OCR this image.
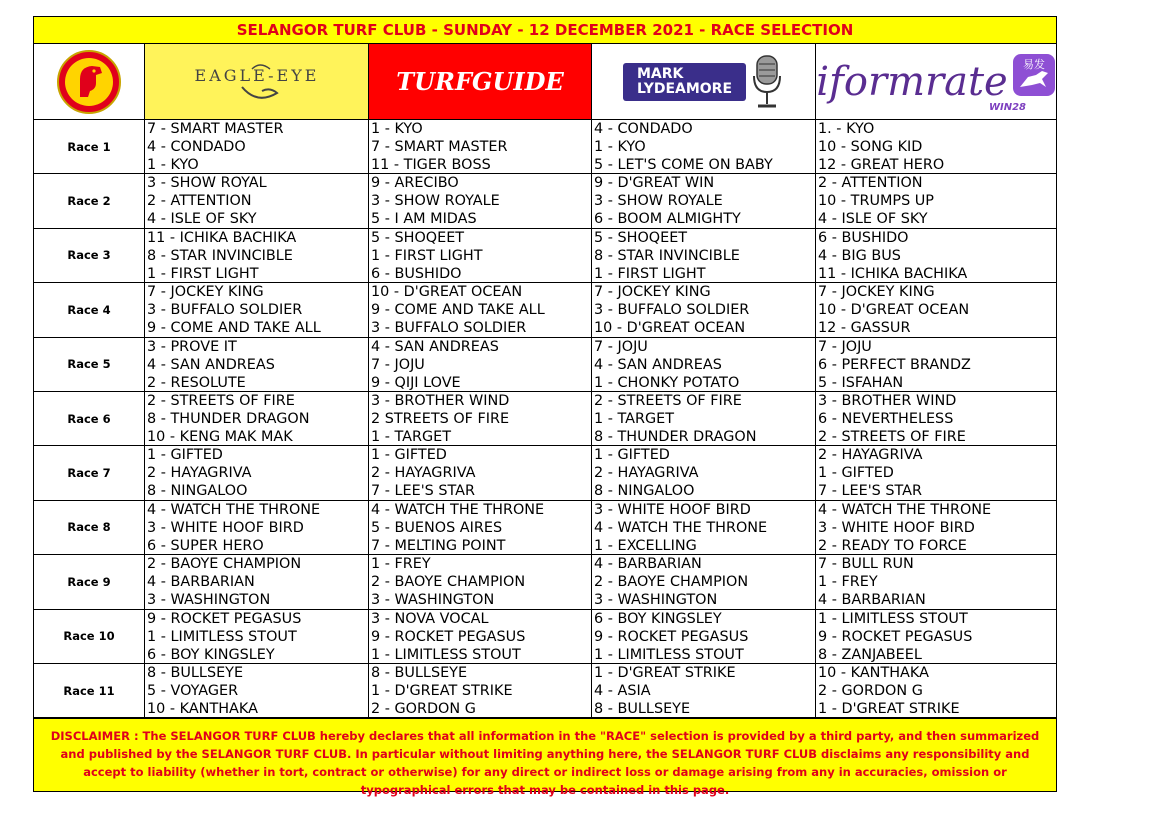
SELANGOR TURF CLUB - SUNDAY - 12 DECEMBER 2021 - RACE SELECTION
EAGLE-EYE	TURFGUIDE	MARK
LYDEAMORE iformrate 易发
WIN28
Race 1
7 - SMART MASTER
4 - CONDADO
1 - KYO
1 - KYO
7 - SMART MASTER
11 - TIGER BOSS
4 - CONDADO
1 - KYO
5 - LET'S COME ON BABY
1. - KYO
10 - SONG KID
12 - GREAT HERO
Race 2
3 - SHOW ROYAL
2 - ATTENTION
4 - ISLE OF SKY
9 - ARECIBO
3 - SHOW ROYALE
5 - I AM MIDAS
9 - D'GREAT WIN
3 - SHOW ROYALE
6 - BOOM ALMIGHTY
2 - ATTENTION
10 - TRUMPS UP
4 - ISLE OF SKY
Race 3
11 - ICHIKA BACHIKA
8 - STAR INVINCIBLE
1 - FIRST LIGHT
5 - SHOQEET
1 - FIRST LIGHT
6 - BUSHIDO
5 - SHOQEET
8 - STAR INVINCIBLE
1 - FIRST LIGHT
6 - BUSHIDO
4 - BIG BUS
11 - ICHIKA BACHIKA
Race 4
7 - JOCKEY KING
3 - BUFFALO SOLDIER
9 - COME AND TAKE ALL
10 - D'GREAT OCEAN
9 - COME AND TAKE ALL
3 - BUFFALO SOLDIER
7 - JOCKEY KING
3 - BUFFALO SOLDIER
10 - D'GREAT OCEAN
7 - JOCKEY KING
10 - D'GREAT OCEAN
12 - GASSUR
Race 5
3 - PROVE IT
4 - SAN ANDREAS
2 - RESOLUTE
4 - SAN ANDREAS
7 - JOJU
9 - QIJI LOVE
7 - JOJU
4 - SAN ANDREAS
1 - CHONKY POTATO
7 - JOJU
6 - PERFECT BRANDZ
5 - ISFAHAN
Race 6
2 - STREETS OF FIRE
8 - THUNDER DRAGON
10 - KENG MAK MAK
3 - BROTHER WIND
2 STREETS OF FIRE
1 - TARGET
2 - STREETS OF FIRE
1 - TARGET
8 - THUNDER DRAGON
3 - BROTHER WIND
6 - NEVERTHELESS
2 - STREETS OF FIRE
Race 7
1 - GIFTED
2 - HAYAGRIVA
8 - NINGALOO
1 - GIFTED
2 - HAYAGRIVA
7 - LEE'S STAR
1 - GIFTED
2 - HAYAGRIVA
8 - NINGALOO
2 - HAYAGRIVA
1 - GIFTED
7 - LEE'S STAR
Race 8
4 - WATCH THE THRONE
3 - WHITE HOOF BIRD
6 - SUPER HERO
4 - WATCH THE THRONE
5 - BUENOS AIRES
7 - MELTING POINT
3 - WHITE HOOF BIRD
4 - WATCH THE THRONE
1 - EXCELLING
4 - WATCH THE THRONE
3 - WHITE HOOF BIRD
2 - READY TO FORCE
Race 9
2 - BAOYE CHAMPION
4 - BARBARIAN
3 - WASHINGTON
1 - FREY
2 - BAOYE CHAMPION
3 - WASHINGTON
4 - BARBARIAN
2 - BAOYE CHAMPION
3 - WASHINGTON
7 - BULL RUN
1 - FREY
4 - BARBARIAN
Race 10
9 - ROCKET PEGASUS
1 - LIMITLESS STOUT
6 - BOY KINGSLEY
3 - NOVA VOCAL
9 - ROCKET PEGASUS
1 - LIMITLESS STOUT
6 - BOY KINGSLEY
9 - ROCKET PEGASUS
1 - LIMITLESS STOUT
1 - LIMITLESS STOUT
9 - ROCKET PEGASUS
8 - ZANJABEEL
Race 11
8 - BULLSEYE
5 - VOYAGER
10 - KANTHAKA
8 - BULLSEYE
1 - D'GREAT STRIKE
2 - GORDON G
1 - D'GREAT STRIKE
4 - ASIA
8 - BULLSEYE
10 - KANTHAKA
2 - GORDON G
1 - D'GREAT STRIKE
DISCLAIMER : The SELANGOR TURF CLUB hereby declares that all information in the "RACE" selection is provided by a third party, and then summarized and published by the SELANGOR TURF CLUB. In particular without limiting anything here, the SELANGOR TURF CLUB disclaims any responsibility and accept to liability (whether in tort, contract or otherwise) for any direct or indirect loss or damage arising from any in accuracies, omission or typographical errors that may be contained in this page.
